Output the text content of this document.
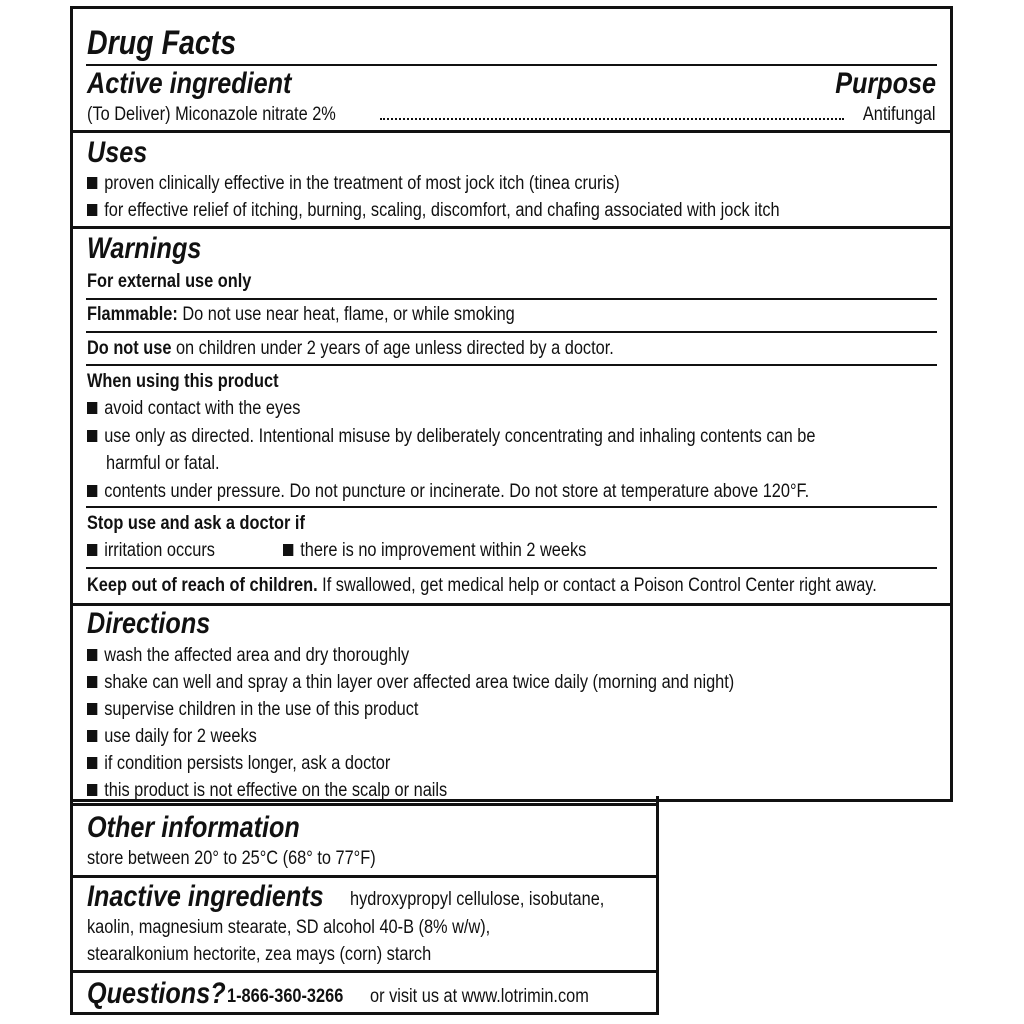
Drug Facts
Active ingredient	Purpose
(To Deliver) Miconazole nitrate 2%	Antifungal
Uses
proven clinically effective in the treatment of most jock itch (tinea cruris)
for effective relief of itching, burning, scaling, discomfort, and chafing associated with jock itch
Warnings
For external use only
Flammable: Do not use near heat, flame, or while smoking
Do not use on children under 2 years of age unless directed by a doctor.
When using this product
avoid contact with the eyes
use only as directed. Intentional misuse by deliberately concentrating and inhaling contents can be
harmful or fatal.
contents under pressure. Do not puncture or incinerate. Do not store at temperature above 120°F.
Stop use and ask a doctor if
irritation occurs	there is no improvement within 2 weeks
Keep out of reach of children. If swallowed, get medical help or contact a Poison Control Center right away.
Directions
wash the affected area and dry thoroughly
shake can well and spray a thin layer over affected area twice daily (morning and night)
supervise children in the use of this product
use daily for 2 weeks
if condition persists longer, ask a doctor
this product is not effective on the scalp or nails
Other information
store between 20° to 25°C (68° to 77°F)
Inactive ingredients hydroxypropyl cellulose, isobutane,
kaolin, magnesium stearate, SD alcohol 40-B (8% w/w),
stearalkonium hectorite, zea mays (corn) starch
Questions? 1-866-360-3266 or visit us at www.lotrimin.com
